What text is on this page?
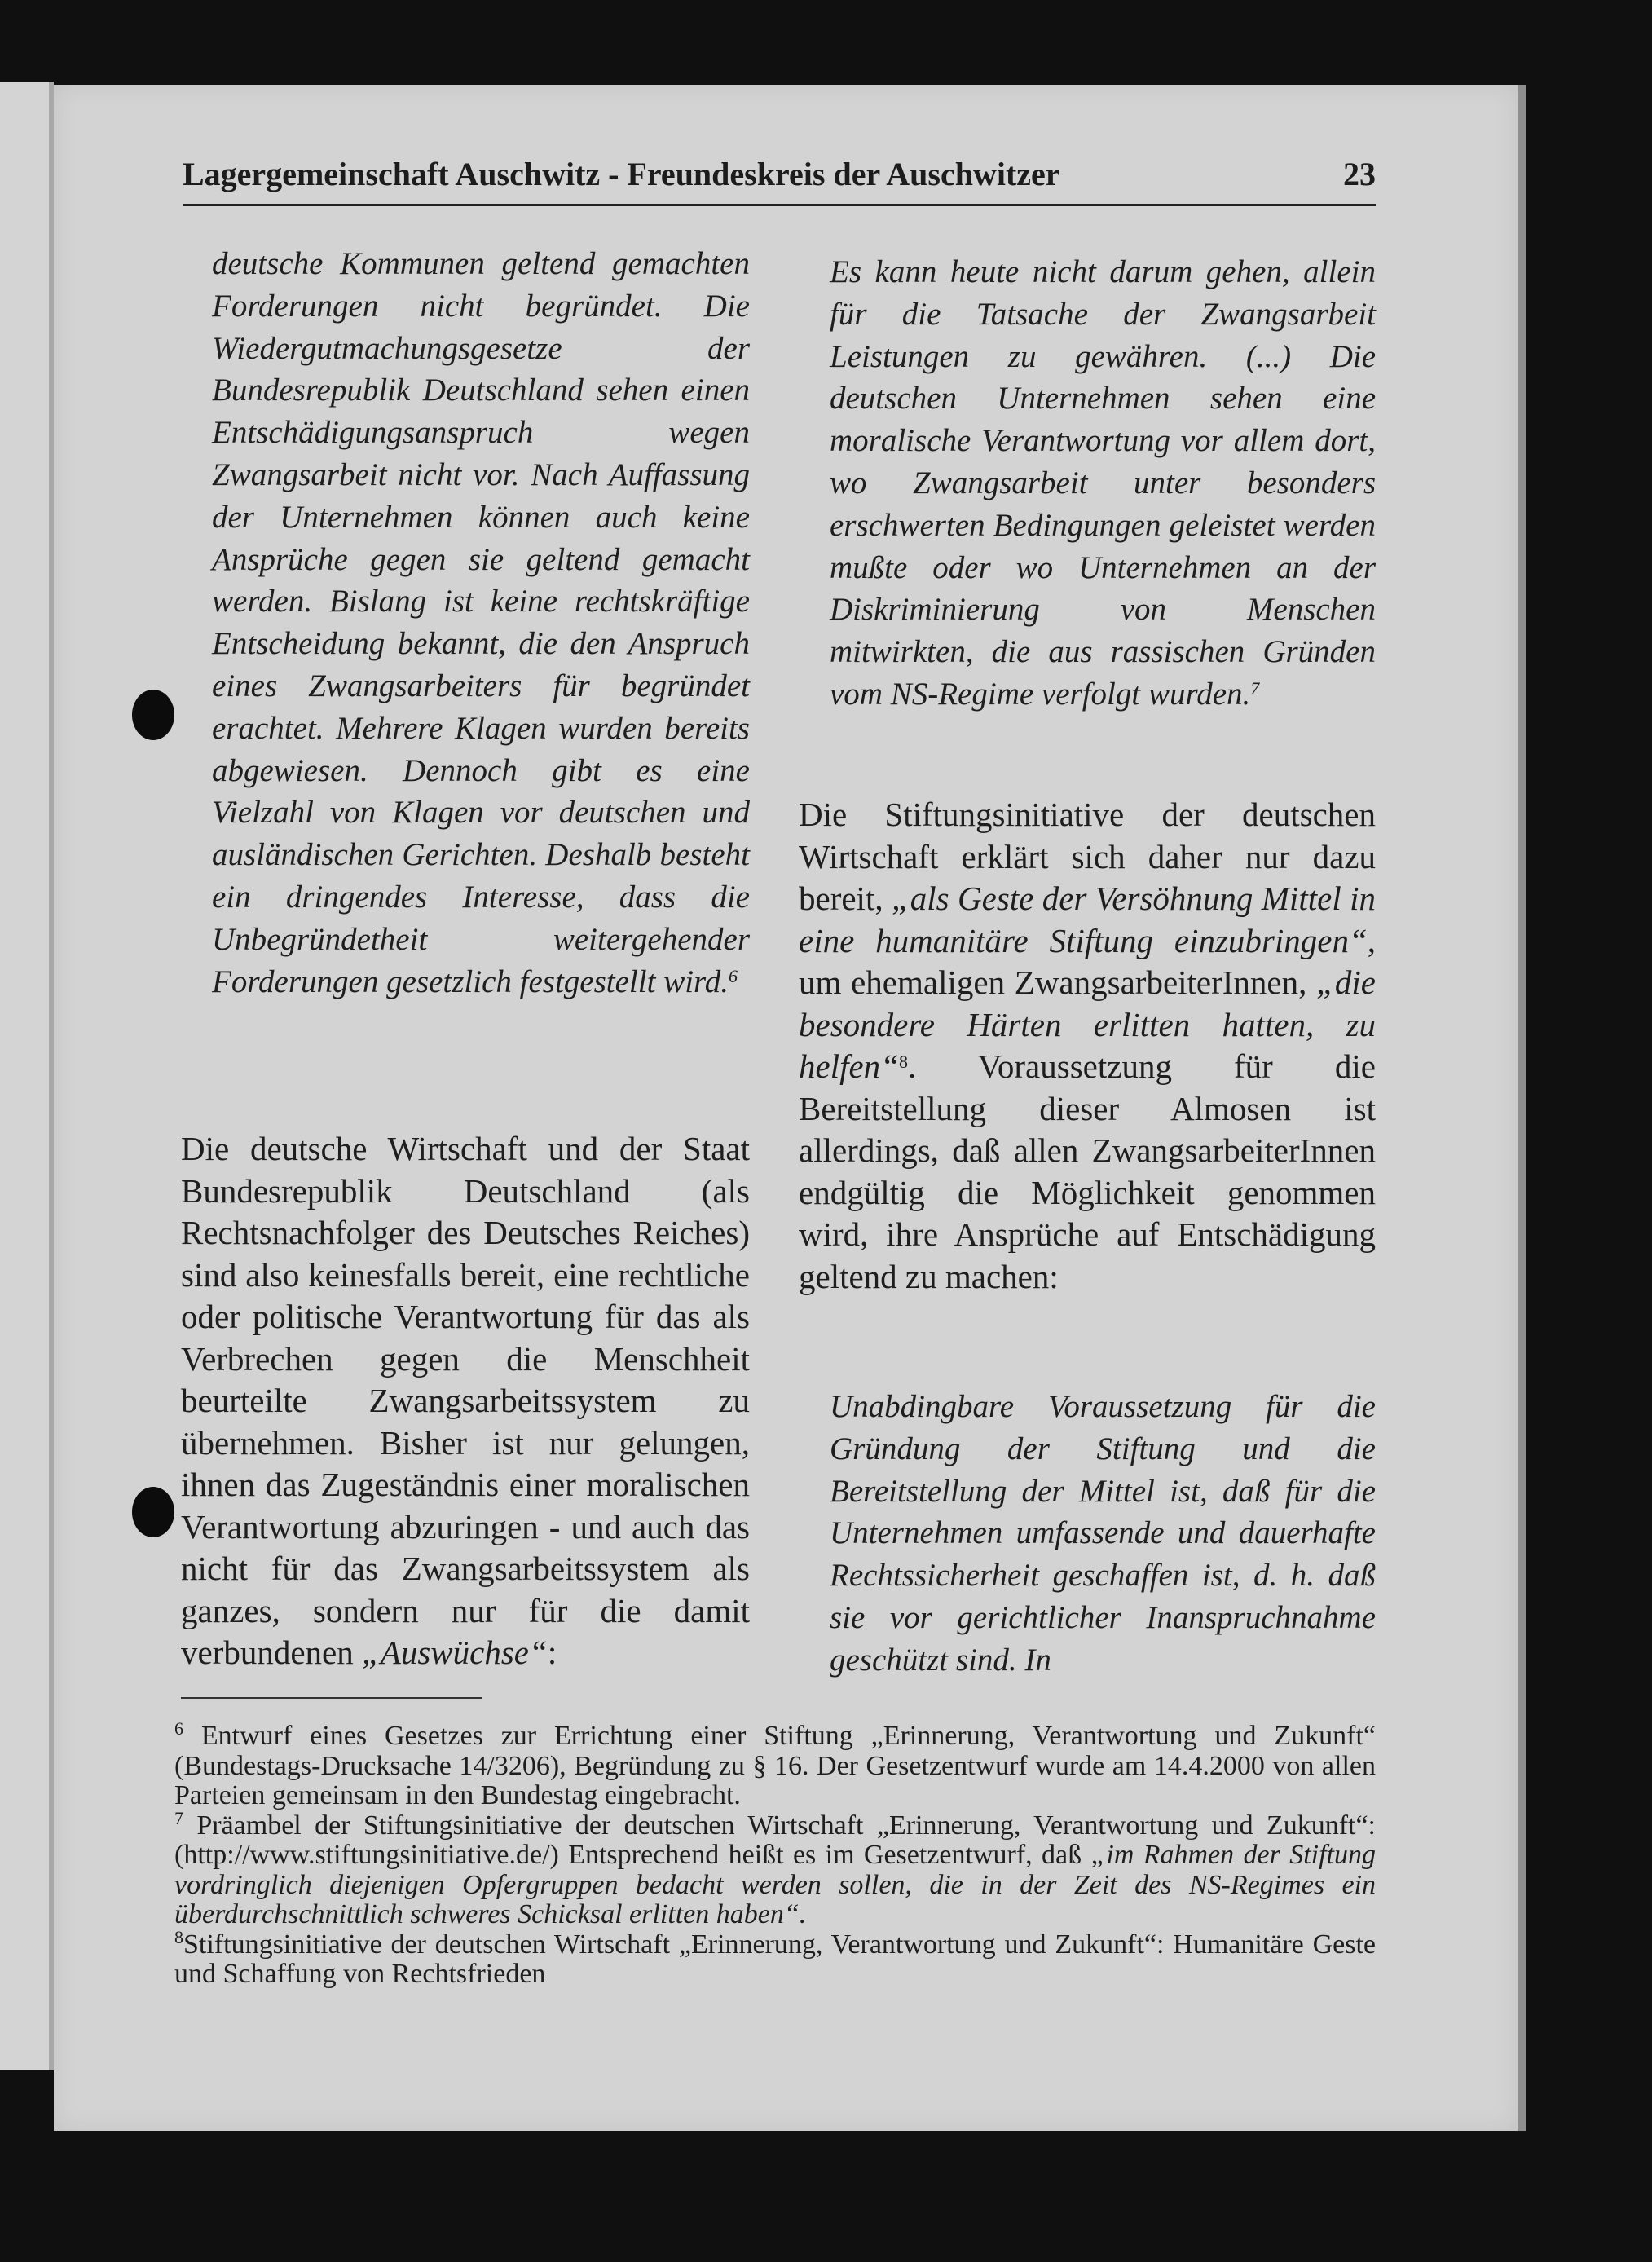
Lagergemeinschaft Auschwitz - Freundeskreis der Auschwitzer	23

deutsche Kommunen geltend gemachten Forderungen nicht begründet. Die Wiedergutmachungsgesetze der Bundesrepublik Deutschland sehen einen Entschädigungsanspruch wegen Zwangsarbeit nicht vor. Nach Auffassung der Unternehmen können auch keine Ansprüche gegen sie geltend gemacht werden. Bislang ist keine rechtskräftige Entscheidung bekannt, die den Anspruch eines Zwangsarbeiters für begründet erachtet. Mehrere Klagen wurden bereits abgewiesen. Dennoch gibt es eine Vielzahl von Klagen vor deutschen und ausländischen Gerichten. Deshalb besteht ein dringendes Interesse, dass die Unbegründetheit weitergehender Forderungen gesetzlich festgestellt wird.$^6$

Die deutsche Wirtschaft und der Staat Bundesrepublik Deutschland (als Rechtsnachfolger des Deutsches Reiches) sind also keinesfalls bereit, eine rechtliche oder politische Verantwortung für das als Verbrechen gegen die Menschheit beurteilte Zwangsarbeitssystem zu übernehmen. Bisher ist nur gelungen, ihnen das Zugeständnis einer moralischen Verantwortung abzuringen - und auch das nicht für das Zwangsarbeitssystem als ganzes, sondern nur für die damit verbundenen „Auswüchse“:

Es kann heute nicht darum gehen, allein für die Tatsache der Zwangsarbeit Leistungen zu gewähren. (...) Die deutschen Unternehmen sehen eine moralische Verantwortung vor allem dort, wo Zwangsarbeit unter besonders erschwerten Bedingungen geleistet werden mußte oder wo Unternehmen an der Diskriminierung von Menschen mitwirkten, die aus rassischen Gründen vom NS-Regime verfolgt wurden.$^7$

Die Stiftungsinitiative der deutschen Wirtschaft erklärt sich daher nur dazu bereit, „als Geste der Versöhnung Mittel in eine humanitäre Stiftung einzubringen“, um ehemaligen ZwangsarbeiterInnen, „die besondere Härten erlitten hatten, zu helfen“$^8$. Voraussetzung für die Bereitstellung dieser Almosen ist allerdings, daß allen ZwangsarbeiterInnen endgültig die Möglichkeit genommen wird, ihre Ansprüche auf Entschädigung geltend zu machen:

Unabdingbare Voraussetzung für die Gründung der Stiftung und die Bereitstellung der Mittel ist, daß für die Unternehmen umfassende und dauerhafte Rechtssicherheit geschaffen ist, d. h. daß sie vor gerichtlicher Inanspruchnahme geschützt sind. In

$^6$ Entwurf eines Gesetzes zur Errichtung einer Stiftung „Erinnerung, Verantwortung und Zukunft“ (Bundestags-Drucksache 14/3206), Begründung zu § 16. Der Gesetzentwurf wurde am 14.4.2000 von allen Parteien gemeinsam in den Bundestag eingebracht.

$^7$ Präambel der Stiftungsinitiative der deutschen Wirtschaft „Erinnerung, Verantwortung und Zukunft“:(http://www.stiftungsinitiative.de/) Entsprechend heißt es im Gesetzentwurf, daß „im Rahmen der Stiftung vordringlich diejenigen Opfergruppen bedacht werden sollen, die in der Zeit des NS-Regimes ein überdurchschnittlich schweres Schicksal erlitten haben“.

$^8$Stiftungsinitiative der deutschen Wirtschaft „Erinnerung, Verantwortung und Zukunft“: Humanitäre Geste und Schaffung von Rechtsfrieden
